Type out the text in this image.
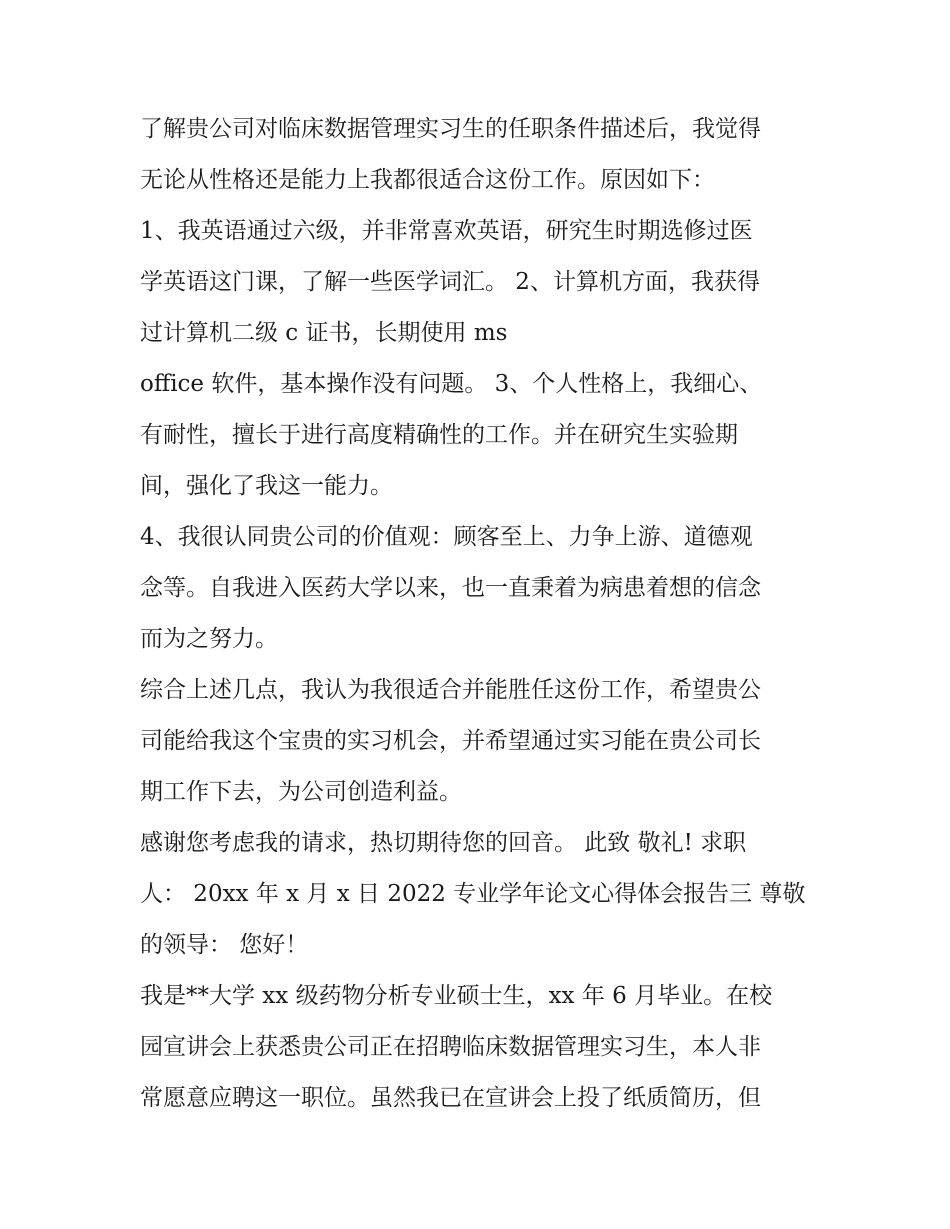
了解贵公司对临床数据管理实习生的任职条件描述后，我觉得
无论从性格还是能力上我都很适合这份工作。原因如下：
1、我英语通过六级，并非常喜欢英语，研究生时期选修过医
学英语这门课，了解一些医学词汇。 2、计算机方面，我获得
过计算机二级 c 证书，长期使用 ms
office 软件，基本操作没有问题。 3、个人性格上，我细心、
有耐性，擅长于进行高度精确性的工作。并在研究生实验期
间，强化了我这一能力。
4、我很认同贵公司的价值观：顾客至上、力争上游、道德观
念等。自我进入医药大学以来，也一直秉着为病患着想的信念
而为之努力。
综合上述几点，我认为我很适合并能胜任这份工作，希望贵公
司能给我这个宝贵的实习机会，并希望通过实习能在贵公司长
期工作下去，为公司创造利益。
感谢您考虑我的请求，热切期待您的回音。 此致 敬礼! 求职
人： 20xx 年 x 月 x 日 2022 专业学年论文心得体会报告三 尊敬
的领导： 您好！
我是**大学 xx 级药物分析专业硕士生，xx 年 6 月毕业。在校
园宣讲会上获悉贵公司正在招聘临床数据管理实习生，本人非
常愿意应聘这一职位。虽然我已在宣讲会上投了纸质简历，但
